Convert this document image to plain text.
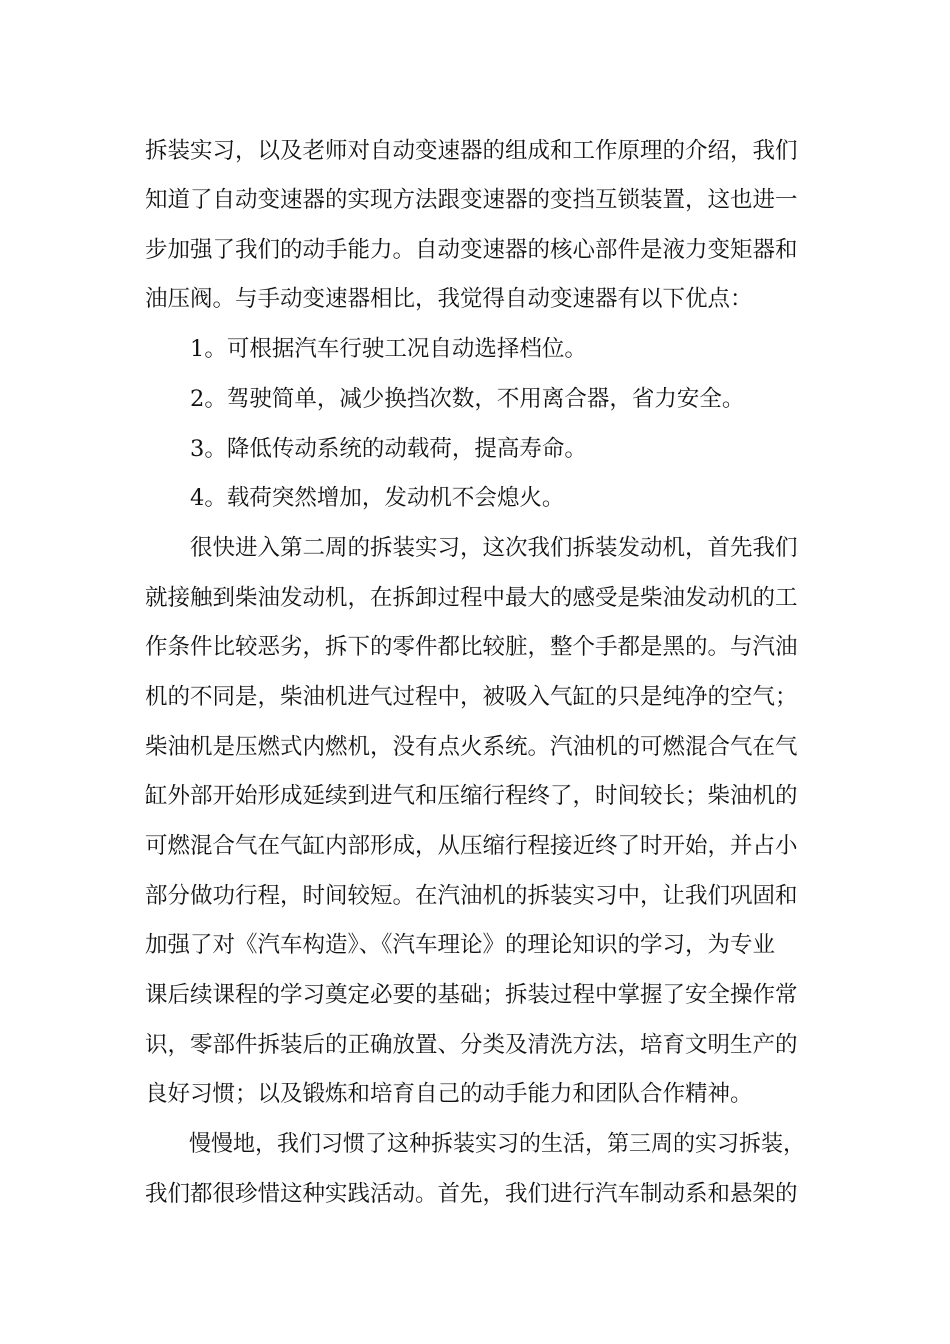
拆装实习，以及老师对自动变速器的组成和工作原理的介绍，我们
知道了自动变速器的实现方法跟变速器的变挡互锁装置，这也进一
步加强了我们的动手能力。自动变速器的核心部件是液力变矩器和
油压阀。与手动变速器相比，我觉得自动变速器有以下优点：
　　1。可根据汽车行驶工况自动选择档位。
　　2。驾驶简单，减少换挡次数，不用离合器，省力安全。
　　3。降低传动系统的动载荷，提高寿命。
　　4。载荷突然增加，发动机不会熄火。
　　很快进入第二周的拆装实习，这次我们拆装发动机，首先我们
就接触到柴油发动机，在拆卸过程中最大的感受是柴油发动机的工
作条件比较恶劣，拆下的零件都比较脏，整个手都是黑的。与汽油
机的不同是，柴油机进气过程中，被吸入气缸的只是纯净的空气；
柴油机是压燃式内燃机，没有点火系统。汽油机的可燃混合气在气
缸外部开始形成延续到进气和压缩行程终了，时间较长；柴油机的
可燃混合气在气缸内部形成，从压缩行程接近终了时开始，并占小
部分做功行程，时间较短。在汽油机的拆装实习中，让我们巩固和
加强了对《汽车构造》、《汽车理论》的理论知识的学习，为专业
课后续课程的学习奠定必要的基础；拆装过程中掌握了安全操作常
识，零部件拆装后的正确放置、分类及清洗方法，培育文明生产的
良好习惯；以及锻炼和培育自己的动手能力和团队合作精神。
　　慢慢地，我们习惯了这种拆装实习的生活，第三周的实习拆装，
我们都很珍惜这种实践活动。首先，我们进行汽车制动系和悬架的
